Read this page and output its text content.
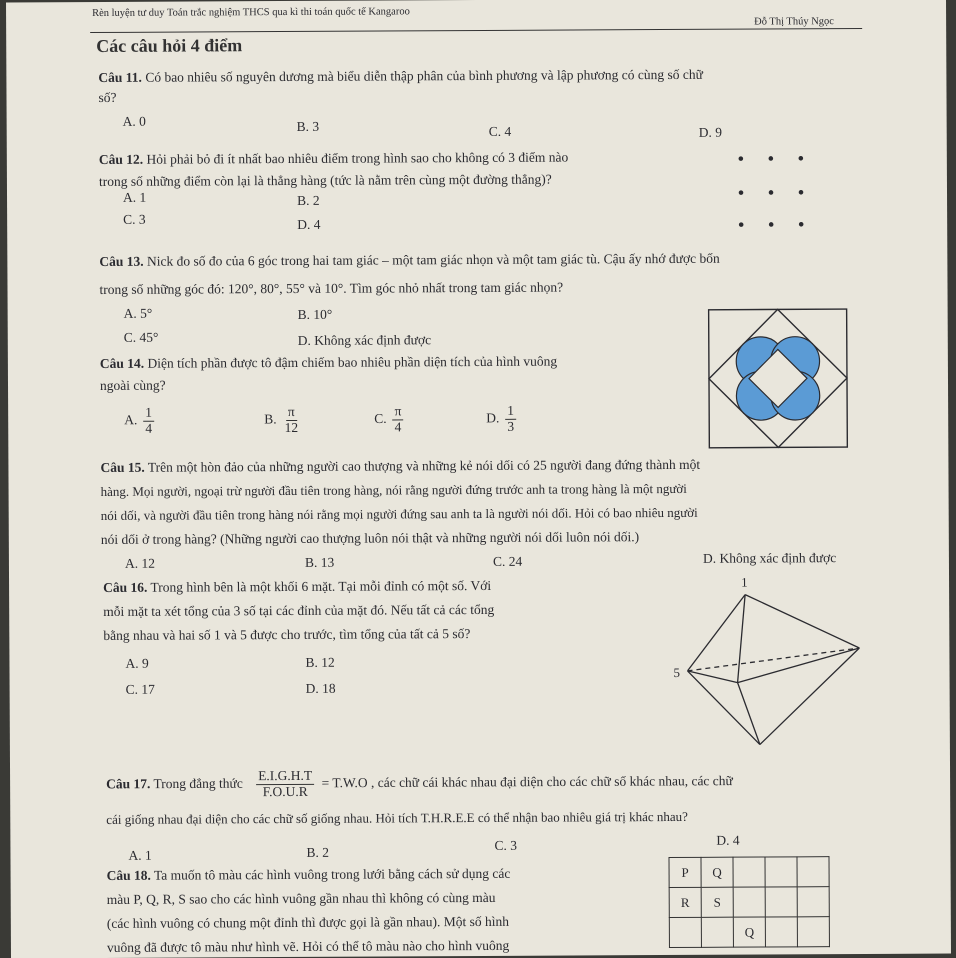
Rèn luyện tư duy Toán trắc nghiệm THCS qua kì thi toán quốc tế Kangaroo
Đỗ Thị Thúy Ngọc
Các câu hỏi 4 điểm
Câu 11. Có bao nhiêu số nguyên dương mà biểu diễn thập phân của bình phương và lập phương có cùng số chữ
số?
A. 0	B. 3	C. 4	D. 9
Câu 12. Hỏi phải bỏ đi ít nhất bao nhiêu điểm trong hình sao cho không có 3 điểm nào
trong số những điểm còn lại là thẳng hàng (tức là nằm trên cùng một đường thẳng)?
A. 1	B. 2
C. 3	D. 4
Câu 13. Nick đo số đo của 6 góc trong hai tam giác – một tam giác nhọn và một tam giác tù. Cậu ấy nhớ được bốn
trong số những góc đó: 120°, 80°, 55° và 10°. Tìm góc nhỏ nhất trong tam giác nhọn?
A. 5°	B. 10°
C. 45°	D. Không xác định được
Câu 14. Diện tích phần được tô đậm chiếm bao nhiêu phần diện tích của hình vuông
ngoài cùng?
A. $\frac{1}{4}$	B. $\frac{\pi}{12}$	C. $\frac{\pi}{4}$	D. $\frac{1}{3}$
Câu 15. Trên một hòn đảo của những người cao thượng và những kẻ nói dối có 25 người đang đứng thành một
hàng. Mọi người, ngoại trừ người đầu tiên trong hàng, nói rằng người đứng trước anh ta trong hàng là một người
nói dối, và người đầu tiên trong hàng nói rằng mọi người đứng sau anh ta là người nói dối. Hỏi có bao nhiêu người
nói dối ở trong hàng? (Những người cao thượng luôn nói thật và những người nói dối luôn nói dối.)
A. 12	B. 13	C. 24	D. Không xác định được
Câu 16. Trong hình bên là một khối 6 mặt. Tại mỗi đỉnh có một số. Với
mỗi mặt ta xét tổng của 3 số tại các đỉnh của mặt đó. Nếu tất cả các tổng
bằng nhau và hai số 1 và 5 được cho trước, tìm tổng của tất cả 5 số?
A. 9	B. 12
C. 17	D. 18
1
5
Câu 17. Trong đẳng thức $\frac{E.I.G.H.T}{F.O.U.R} = T.W.O$ , các chữ cái khác nhau đại diện cho các chữ số khác nhau, các chữ
cái giống nhau đại diện cho các chữ số giống nhau. Hỏi tích T.H.R.E.E có thể nhận bao nhiêu giá trị khác nhau?
A. 1	B. 2	C. 3	D. 4
Câu 18. Ta muốn tô màu các hình vuông trong lưới bằng cách sử dụng các
màu P, Q, R, S sao cho các hình vuông gần nhau thì không có cùng màu
(các hình vuông có chung một đỉnh thì được gọi là gần nhau). Một số hình
vuông đã được tô màu như hình vẽ. Hỏi có thể tô màu nào cho hình vuông
P	Q			
R	S			
		Q		
